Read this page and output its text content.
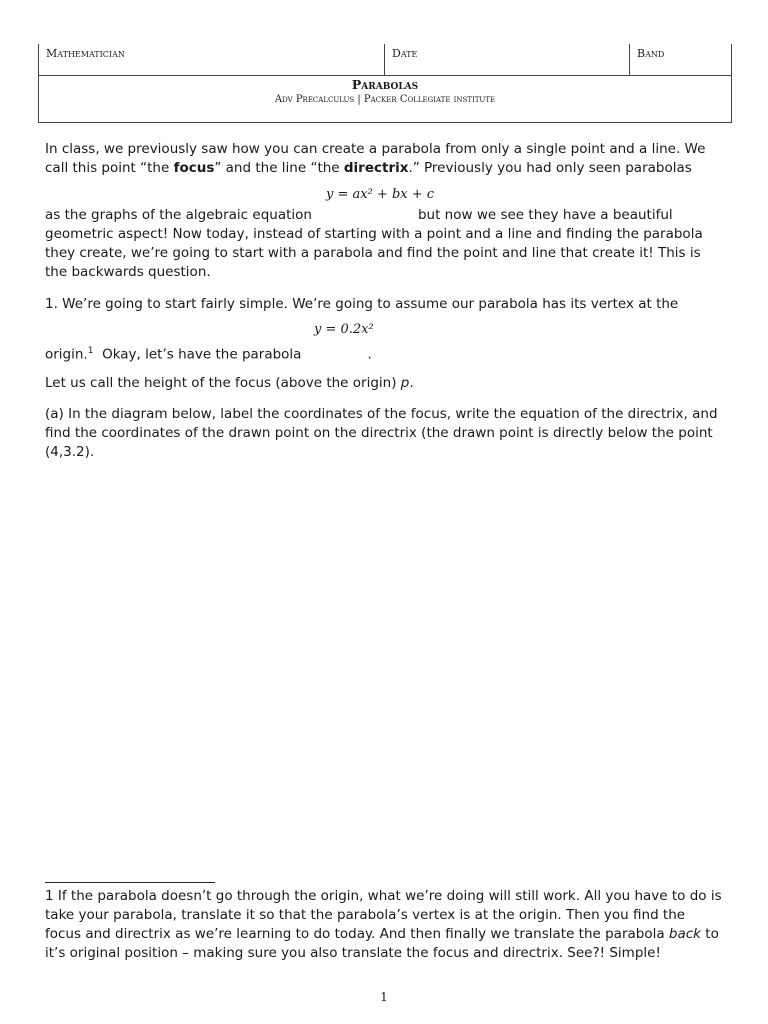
Mathematician	Date	Band
Parabolas
Adv Precalculus | Packer Collegiate institute
In class, we previously saw how you can create a parabola from only a single point and a line. We call this point “the focus” and the line “the directrix.” Previously you had only seen parabolas
y = ax² + bx + c
as the graphs of the algebraic equation	but now we see they have a beautiful geometric aspect! Now today, instead of starting with a point and a line and finding the parabola they create, we’re going to start with a parabola and find the point and line that create it! This is the backwards question.
1. We’re going to start fairly simple. We’re going to assume our parabola has its vertex at the
y = 0.2x²
origin.$^1$ Okay, let’s have the parabola	.
Let us call the height of the focus (above the origin) p.
(a) In the diagram below, label the coordinates of the focus, write the equation of the directrix, and find the coordinates of the drawn point on the directrix (the drawn point is directly below the point (4,3.2).
1 If the parabola doesn’t go through the origin, what we’re doing will still work. All you have to do is take your parabola, translate it so that the parabola’s vertex is at the origin. Then you find the focus and directrix as we’re learning to do today. And then finally we translate the parabola back to it’s original position – making sure you also translate the focus and directrix. See?! Simple!
1
